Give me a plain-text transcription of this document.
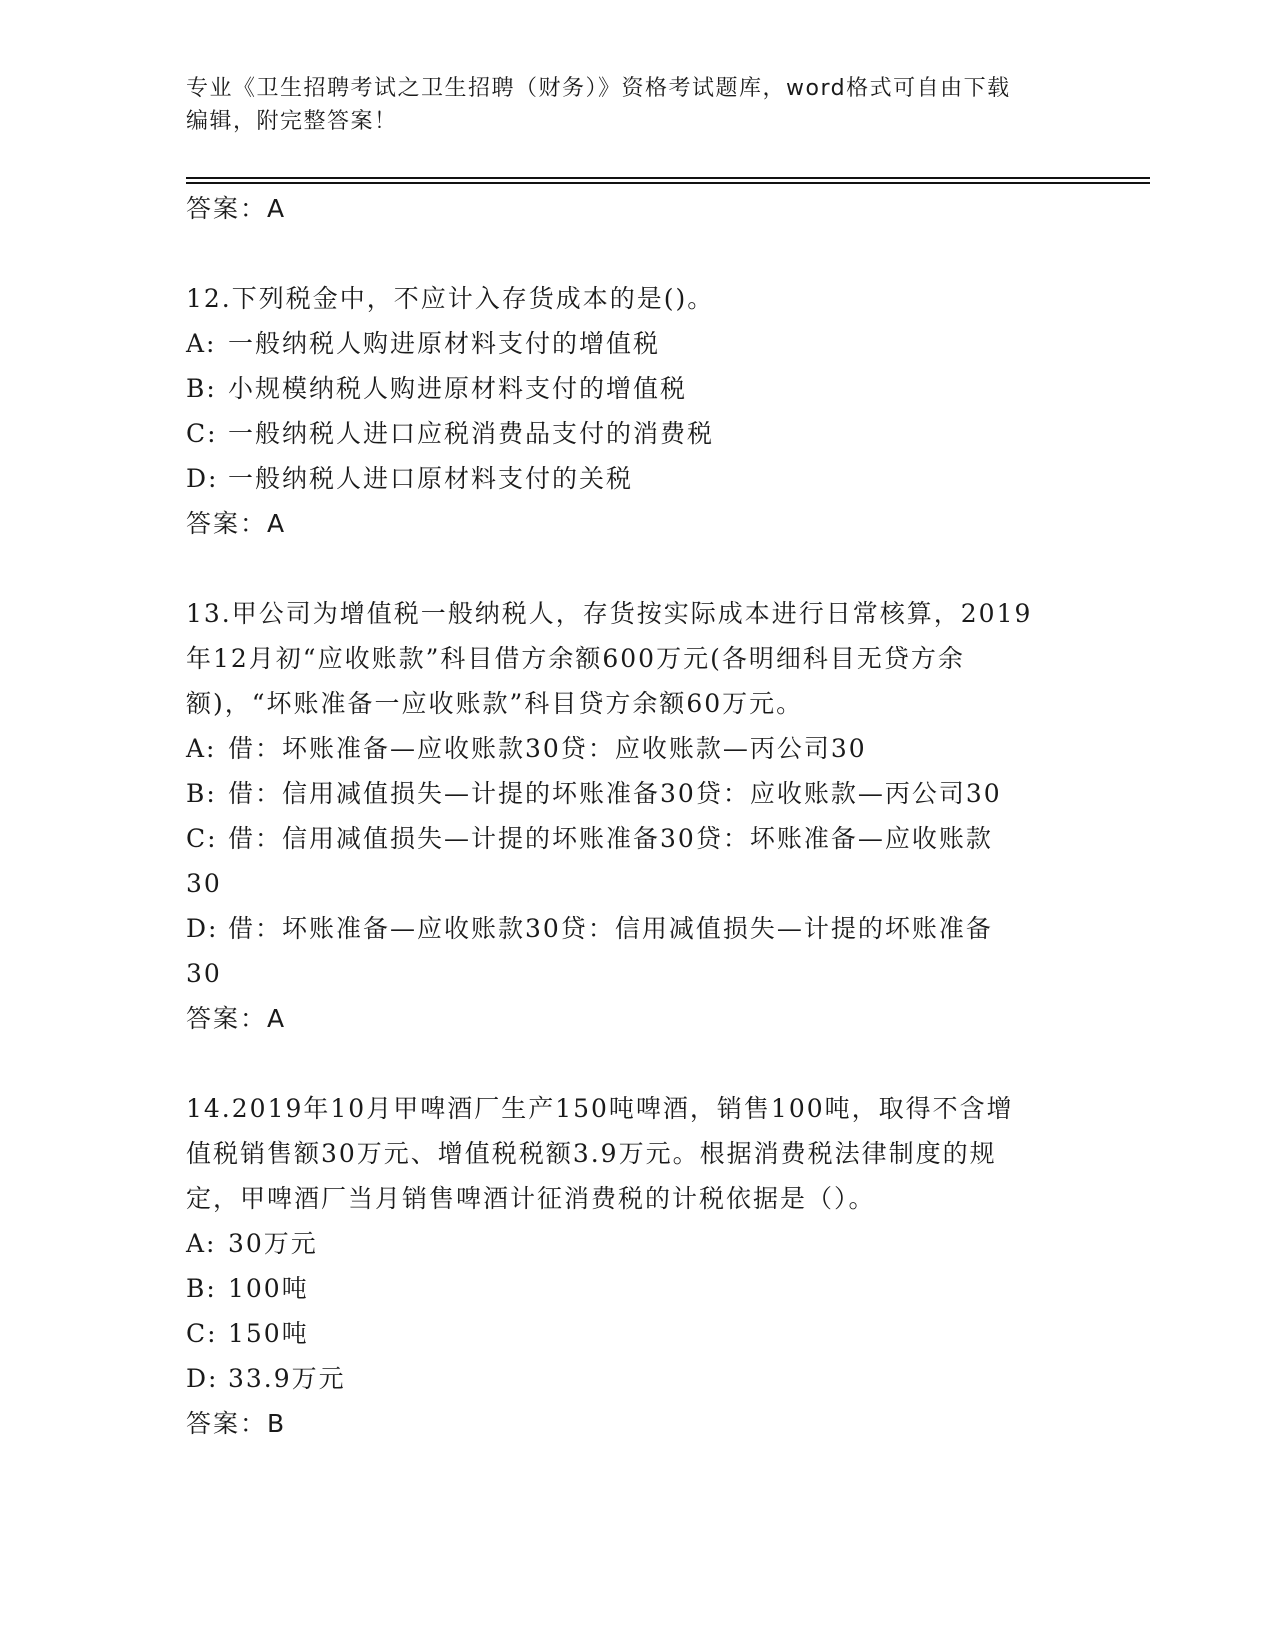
专业《卫生招聘考试之卫生招聘（财务）》资格考试题库，word格式可自由下载
编辑，附完整答案！
答案：A
12.下列税金中，不应计入存货成本的是()。
A: 一般纳税人购进原材料支付的增值税
B: 小规模纳税人购进原材料支付的增值税
C: 一般纳税人进口应税消费品支付的消费税
D: 一般纳税人进口原材料支付的关税
答案：A
13.甲公司为增值税一般纳税人，存货按实际成本进行日常核算，2019
年12月初“应收账款”科目借方余额600万元(各明细科目无贷方余
额)，“坏账准备一应收账款”科目贷方余额60万元。
A: 借：坏账准备—应收账款30贷：应收账款—丙公司30
B: 借：信用减值损失—计提的坏账准备30贷：应收账款—丙公司30
C: 借：信用减值损失—计提的坏账准备30贷：坏账准备—应收账款
30
D: 借：坏账准备—应收账款30贷：信用减值损失—计提的坏账准备
30
答案：A
14.2019年10月甲啤酒厂生产150吨啤酒，销售100吨，取得不含增
值税销售额30万元、增值税税额3.9万元。根据消费税法律制度的规
定，甲啤酒厂当月销售啤酒计征消费税的计税依据是（）。
A: 30万元
B: 100吨
C: 150吨
D: 33.9万元
答案：B
